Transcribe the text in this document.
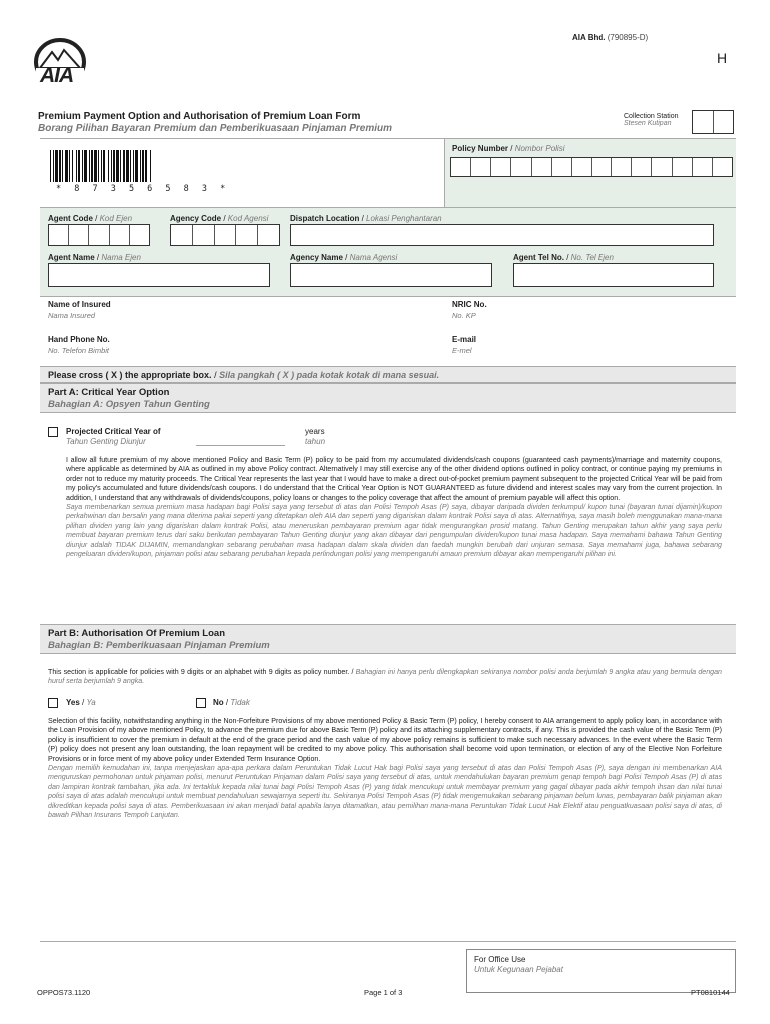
AIA
AIA Bhd. (790895-D)
H
Premium Payment Option and Authorisation of Premium Loan Form
Borang Pilihan Bayaran Premium dan Pemberikuasaan Pinjaman Premium
Collection Station
Stesen Kutipan
* 8 7 3 5 6 5 8 3 *
Policy Number / Nombor Polisi
Agent Code / Kod Ejen	Agency Code / Kod Agensi	Dispatch Location / Lokasi Penghantaran
Agent Name / Nama Ejen	Agency Name / Nama Agensi	Agent Tel No. / No. Tel Ejen
Name of Insured
Nama Insured
NRIC No.
No. KP
Hand Phone No.
No. Telefon Bimbit
E-mail
E-mel
Please cross ( X ) the appropriate box. / Sila pangkah ( X ) pada kotak kotak di mana sesuai.
Part A: Critical Year Option
Bahagian A: Opsyen Tahun Genting
Projected Critical Year of
Tahun Genting Diunjur	____________________
years
tahun
I allow all future premium of my above mentioned Policy and Basic Term (P) policy to be paid from my accumulated dividends/cash coupons (guaranteed cash payments)/marriage and maternity coupons, where applicable as determined by AIA as outlined in my above Policy contract. Alternatively I may still exercise any of the other dividend options outlined in policy contract, or continue paying my premiums in order not to reduce my maturity proceeds. The Critical Year represents the last year that I would have to make a direct out-of-pocket premium payment subsequent to the projected Critical Year will be paid from my policy's accumulated and future dividends/cash coupons. I do understand that the Critical Year Option is NOT GUARANTEED as future dividend and interest scales may vary from the current projection. In addition, I understand that any withdrawals of dividends/coupons, policy loans or changes to the policy coverage that affect the amount of premium payable will affect this option.
Saya membenarkan semua premium masa hadapan bagi Polisi saya yang tersebut di atas dan Polisi Tempoh Asas (P) saya, dibayar daripada dividen terkumpul/ kupon tunai (bayaran tunai dijamin)/kupon perkahwinan dan bersalin yang mana diterima pakai seperti yang ditetapkan oleh AIA dan seperti yang digariskan dalam kontrak Polisi saya di atas. Alternatifnya, saya masih boleh menggunakan mana-mana pilihan dividen yang lain yang digariskan dalam kontrak Polisi, atau meneruskan pembayaran premium agar tidak mengurangkan prosid matang. Tahun Genting merupakan tahun akhir yang saya perlu membuat bayaran premium terus dari saku berikutan pembayaran Tahun Genting diunjur yang akan dibayar dari pengumpulan dividen/kupon tunai masa hadapan. Saya memahami bahawa Tahun Genting diunjur adalah TIDAK DIJAMIN, memandangkan sebarang perubahan masa hadapan dalam skala dividen dan faedah mungkin berubah dari unjuran semasa. Saya memahami juga, bahawa sebarang pengeluaran dividen/kupon, pinjaman polisi atau sebarang perubahan kepada perlindungan polisi yang mempengaruhi amaun premium dibayar akan mempengaruhi pilihan ini.
Part B: Authorisation Of Premium Loan
Bahagian B: Pemberikuasaan Pinjaman Premium
This section is applicable for policies with 9 digits or an alphabet with 9 digits as policy number. / Bahagian ini hanya perlu dilengkapkan sekiranya nombor polisi anda berjumlah 9 angka atau yang bermula dengan huruf serta berjumlah 9 angka.
Yes / Ya	No / Tidak
Selection of this facility, notwithstanding anything in the Non-Forfeiture Provisions of my above mentioned Policy & Basic Term (P) policy, I hereby consent to AIA arrangement to apply policy loan, in accordance with the Loan Provision of my above mentioned Policy, to advance the premium due for above Basic Term (P) policy and its attaching supplementary contracts, if any. This is provided the cash value of the Basic Term (P) policy is insufficient to cover the premium in default at the end of the grace period and the cash value of my above policy remains is sufficient to make such necessary advances. In the event where the Basic Term (P) policy does not present any loan outstanding, the loan repayment will be credited to my above policy. This authorisation shall become void upon termination, or election of any of the Elective Non Forfeiture Provisions or in force ment of my above policy under Extended Term Insurance Option.
Dengan memilih kemudahan ini, tanpa menjejaskan apa-apa perkara dalam Peruntukan Tidak Lucut Hak bagi Polisi saya yang tersebut di atas dan Polisi Tempoh Asas (P), saya dengan ini membenarkan AIA menguruskan permohonan untuk pinjaman polisi, menurut Peruntukan Pinjaman dalam Polisi saya yang tersebut di atas, untuk mendahulukan bayaran premium genap tempoh bagi Polisi Tempoh Asas (P) di atas dan lampiran kontrak tambahan, jika ada. Ini tertakluk kepada nilai tunai bagi Polisi Tempoh Asas (P) yang tidak mencukupi untuk membayar premium yang gagal dibayar pada akhir tempoh ihsan dan nilai tunai polisi saya di atas adalah mencukupi untuk membuat pendahuluan sewajarnya seperti itu. Sekiranya Polisi Tempoh Asas (P) tidak mengemukakan sebarang pinjaman belum lunas, pembayaran balik pinjaman akan dikreditkan kepada polisi saya di atas. Pemberikuasaan ini akan menjadi batal apabila lanya ditamatkan, atau pemilihan mana-mana Peruntukan Tidak Lucut Hak Elektif atau penguatkuasaan polisi saya di atas, di bawah Pilihan Insurans Tempoh Lanjutan.
For Office Use
Untuk Kegunaan Pejabat
OPPOS73.1120	Page 1 of 3	PT0810144
